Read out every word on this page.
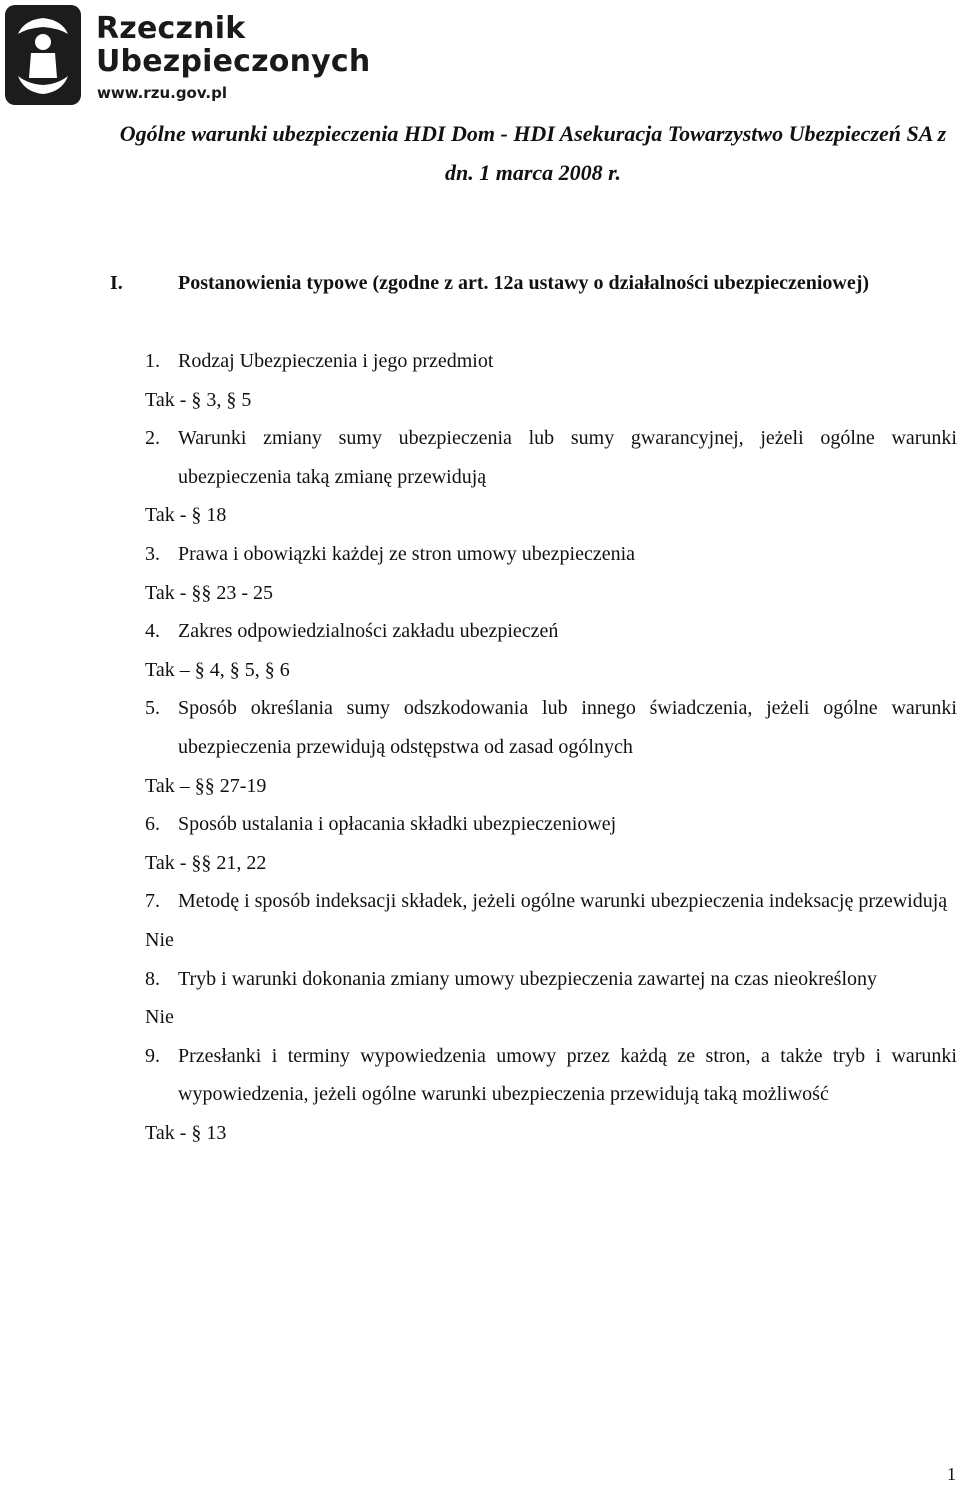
Rzecznik
Ubezpieczonych
www.rzu.gov.pl
Ogólne warunki ubezpieczenia HDI Dom - HDI Asekuracja Towarzystwo Ubezpieczeń SA z
dn. 1 marca 2008 r.
I.	Postanowienia typowe (zgodne z art. 12a ustawy o działalności ubezpieczeniowej)
1. Rodzaj Ubezpieczenia i jego przedmiot
Tak - § 3, § 5
2. Warunki zmiany sumy ubezpieczenia lub sumy gwarancyjnej, jeżeli ogólne warunki ubezpieczenia taką zmianę przewidują
Tak - § 18
3. Prawa i obowiązki każdej ze stron umowy ubezpieczenia
Tak - §§ 23 - 25
4. Zakres odpowiedzialności zakładu ubezpieczeń
Tak – § 4, § 5, § 6
5. Sposób określania sumy odszkodowania lub innego świadczenia, jeżeli ogólne warunki ubezpieczenia przewidują odstępstwa od zasad ogólnych
Tak – §§ 27-19
6. Sposób ustalania i opłacania składki ubezpieczeniowej
Tak - §§ 21, 22
7. Metodę i sposób indeksacji składek, jeżeli ogólne warunki ubezpieczenia indeksację przewidują
Nie
8. Tryb i warunki dokonania zmiany umowy ubezpieczenia zawartej na czas nieokreślony
Nie
9. Przesłanki i terminy wypowiedzenia umowy przez każdą ze stron, a także tryb i warunki wypowiedzenia, jeżeli ogólne warunki ubezpieczenia przewidują taką możliwość
Tak - § 13
1
